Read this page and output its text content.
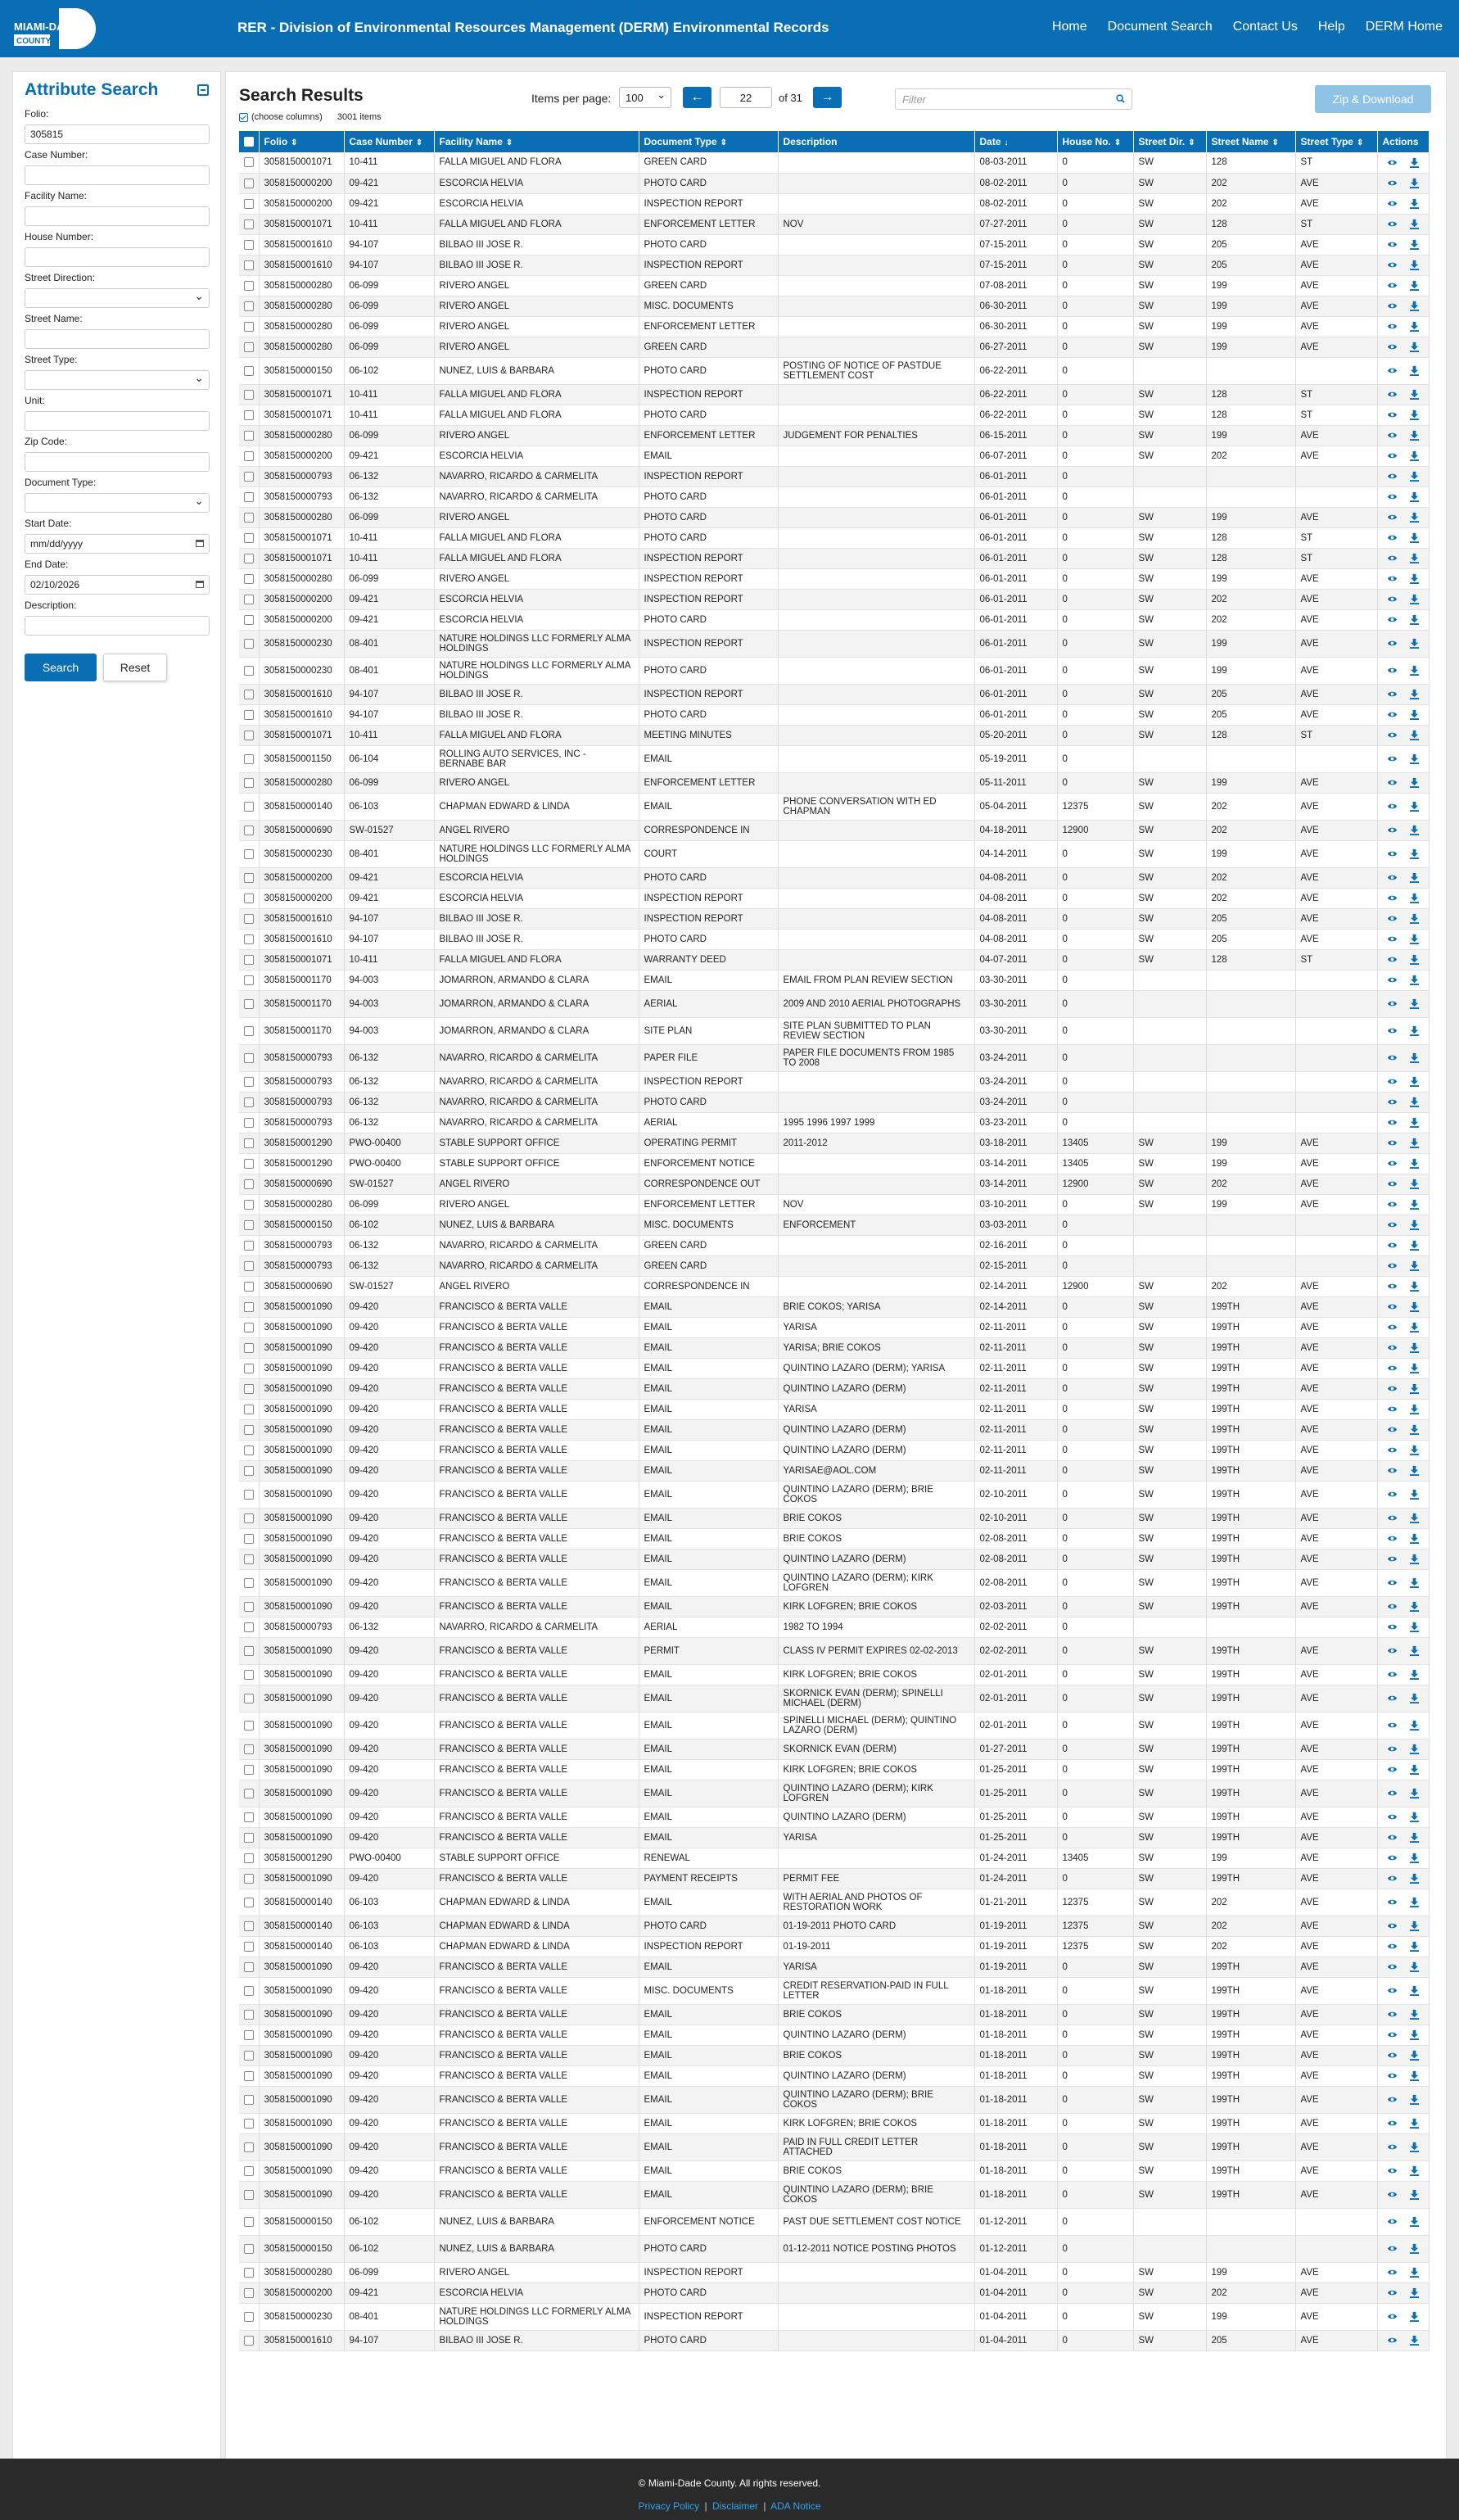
MIAMI-DADE
COUNTY
RER - Division of Environmental Resources Management (DERM) Environmental Records	Home Document Search Contact Us Help DERM Home
Attribute Search
Folio:
305815
Case Number:
Facility Name:
House Number:
Street Direction:
⌄
Street Name:
Street Type:
⌄
Unit:
Zip Code:
Document Type:
⌄
Start Date:
mm/dd/yyyy
End Date:
02/10/2026
Description:
Search	Reset
Search Results
(choose columns) 3001 items
Items per page:	100 ⌄	←	22	of 31	→	Filter	Zip & Download
	Folio ⇕	Case Number ⇕	Facility Name ⇕	Document Type ⇕	Description	Date ↓	House No. ⇕	Street Dir. ⇕	Street Name ⇕	Street Type ⇕	Actions

	3058150001071	10-411	FALLA MIGUEL AND FLORA	GREEN CARD		08-03-2011	0	SW	128	ST	

	3058150000200	09-421	ESCORCIA HELVIA	PHOTO CARD		08-02-2011	0	SW	202	AVE	

	3058150000200	09-421	ESCORCIA HELVIA	INSPECTION REPORT		08-02-2011	0	SW	202	AVE	

	3058150001071	10-411	FALLA MIGUEL AND FLORA	ENFORCEMENT LETTER	NOV	07-27-2011	0	SW	128	ST	

	3058150001610	94-107	BILBAO III JOSE R.	PHOTO CARD		07-15-2011	0	SW	205	AVE	

	3058150001610	94-107	BILBAO III JOSE R.	INSPECTION REPORT		07-15-2011	0	SW	205	AVE	

	3058150000280	06-099	RIVERO ANGEL	GREEN CARD		07-08-2011	0	SW	199	AVE	

	3058150000280	06-099	RIVERO ANGEL	MISC. DOCUMENTS		06-30-2011	0	SW	199	AVE	

	3058150000280	06-099	RIVERO ANGEL	ENFORCEMENT LETTER		06-30-2011	0	SW	199	AVE	

	3058150000280	06-099	RIVERO ANGEL	GREEN CARD		06-27-2011	0	SW	199	AVE	

	3058150000150	06-102	NUNEZ, LUIS & BARBARA	PHOTO CARD	POSTING OF NOTICE OF PASTDUE SETTLEMENT COST	06-22-2011	0				

	3058150001071	10-411	FALLA MIGUEL AND FLORA	INSPECTION REPORT		06-22-2011	0	SW	128	ST	

	3058150001071	10-411	FALLA MIGUEL AND FLORA	PHOTO CARD		06-22-2011	0	SW	128	ST	

	3058150000280	06-099	RIVERO ANGEL	ENFORCEMENT LETTER	JUDGEMENT FOR PENALTIES	06-15-2011	0	SW	199	AVE	

	3058150000200	09-421	ESCORCIA HELVIA	EMAIL		06-07-2011	0	SW	202	AVE	

	3058150000793	06-132	NAVARRO, RICARDO & CARMELITA	INSPECTION REPORT		06-01-2011	0				

	3058150000793	06-132	NAVARRO, RICARDO & CARMELITA	PHOTO CARD		06-01-2011	0				

	3058150000280	06-099	RIVERO ANGEL	PHOTO CARD		06-01-2011	0	SW	199	AVE	

	3058150001071	10-411	FALLA MIGUEL AND FLORA	PHOTO CARD		06-01-2011	0	SW	128	ST	

	3058150001071	10-411	FALLA MIGUEL AND FLORA	INSPECTION REPORT		06-01-2011	0	SW	128	ST	

	3058150000280	06-099	RIVERO ANGEL	INSPECTION REPORT		06-01-2011	0	SW	199	AVE	

	3058150000200	09-421	ESCORCIA HELVIA	INSPECTION REPORT		06-01-2011	0	SW	202	AVE	

	3058150000200	09-421	ESCORCIA HELVIA	PHOTO CARD		06-01-2011	0	SW	202	AVE	

	3058150000230	08-401	NATURE HOLDINGS LLC FORMERLY ALMA HOLDINGS	INSPECTION REPORT		06-01-2011	0	SW	199	AVE	

	3058150000230	08-401	NATURE HOLDINGS LLC FORMERLY ALMA HOLDINGS	PHOTO CARD		06-01-2011	0	SW	199	AVE	

	3058150001610	94-107	BILBAO III JOSE R.	INSPECTION REPORT		06-01-2011	0	SW	205	AVE	

	3058150001610	94-107	BILBAO III JOSE R.	PHOTO CARD		06-01-2011	0	SW	205	AVE	

	3058150001071	10-411	FALLA MIGUEL AND FLORA	MEETING MINUTES		05-20-2011	0	SW	128	ST	

	3058150001150	06-104	ROLLING AUTO SERVICES, INC - BERNABE BAR	EMAIL		05-19-2011	0				

	3058150000280	06-099	RIVERO ANGEL	ENFORCEMENT LETTER		05-11-2011	0	SW	199	AVE	

	3058150000140	06-103	CHAPMAN EDWARD & LINDA	EMAIL	PHONE CONVERSATION WITH ED CHAPMAN	05-04-2011	12375	SW	202	AVE	

	3058150000690	SW-01527	ANGEL RIVERO	CORRESPONDENCE IN		04-18-2011	12900	SW	202	AVE	

	3058150000230	08-401	NATURE HOLDINGS LLC FORMERLY ALMA HOLDINGS	COURT		04-14-2011	0	SW	199	AVE	

	3058150000200	09-421	ESCORCIA HELVIA	PHOTO CARD		04-08-2011	0	SW	202	AVE	

	3058150000200	09-421	ESCORCIA HELVIA	INSPECTION REPORT		04-08-2011	0	SW	202	AVE	

	3058150001610	94-107	BILBAO III JOSE R.	INSPECTION REPORT		04-08-2011	0	SW	205	AVE	

	3058150001610	94-107	BILBAO III JOSE R.	PHOTO CARD		04-08-2011	0	SW	205	AVE	

	3058150001071	10-411	FALLA MIGUEL AND FLORA	WARRANTY DEED		04-07-2011	0	SW	128	ST	

	3058150001170	94-003	JOMARRON, ARMANDO & CLARA	EMAIL	EMAIL FROM PLAN REVIEW SECTION	03-30-2011	0				

	3058150001170	94-003	JOMARRON, ARMANDO & CLARA	AERIAL	2009 AND 2010 AERIAL PHOTOGRAPHS	03-30-2011	0				

	3058150001170	94-003	JOMARRON, ARMANDO & CLARA	SITE PLAN	SITE PLAN SUBMITTED TO PLAN REVIEW SECTION	03-30-2011	0				

	3058150000793	06-132	NAVARRO, RICARDO & CARMELITA	PAPER FILE	PAPER FILE DOCUMENTS FROM 1985 TO 2008	03-24-2011	0				

	3058150000793	06-132	NAVARRO, RICARDO & CARMELITA	INSPECTION REPORT		03-24-2011	0				

	3058150000793	06-132	NAVARRO, RICARDO & CARMELITA	PHOTO CARD		03-24-2011	0				

	3058150000793	06-132	NAVARRO, RICARDO & CARMELITA	AERIAL	1995 1996 1997 1999	03-23-2011	0				

	3058150001290	PWO-00400	STABLE SUPPORT OFFICE	OPERATING PERMIT	2011-2012	03-18-2011	13405	SW	199	AVE	

	3058150001290	PWO-00400	STABLE SUPPORT OFFICE	ENFORCEMENT NOTICE		03-14-2011	13405	SW	199	AVE	

	3058150000690	SW-01527	ANGEL RIVERO	CORRESPONDENCE OUT		03-14-2011	12900	SW	202	AVE	

	3058150000280	06-099	RIVERO ANGEL	ENFORCEMENT LETTER	NOV	03-10-2011	0	SW	199	AVE	

	3058150000150	06-102	NUNEZ, LUIS & BARBARA	MISC. DOCUMENTS	ENFORCEMENT	03-03-2011	0				

	3058150000793	06-132	NAVARRO, RICARDO & CARMELITA	GREEN CARD		02-16-2011	0				

	3058150000793	06-132	NAVARRO, RICARDO & CARMELITA	GREEN CARD		02-15-2011	0				

	3058150000690	SW-01527	ANGEL RIVERO	CORRESPONDENCE IN		02-14-2011	12900	SW	202	AVE	

	3058150001090	09-420	FRANCISCO & BERTA VALLE	EMAIL	BRIE COKOS; YARISA	02-14-2011	0	SW	199TH	AVE	

	3058150001090	09-420	FRANCISCO & BERTA VALLE	EMAIL	YARISA	02-11-2011	0	SW	199TH	AVE	

	3058150001090	09-420	FRANCISCO & BERTA VALLE	EMAIL	YARISA; BRIE COKOS	02-11-2011	0	SW	199TH	AVE	

	3058150001090	09-420	FRANCISCO & BERTA VALLE	EMAIL	QUINTINO LAZARO (DERM); YARISA	02-11-2011	0	SW	199TH	AVE	

	3058150001090	09-420	FRANCISCO & BERTA VALLE	EMAIL	QUINTINO LAZARO (DERM)	02-11-2011	0	SW	199TH	AVE	

	3058150001090	09-420	FRANCISCO & BERTA VALLE	EMAIL	YARISA	02-11-2011	0	SW	199TH	AVE	

	3058150001090	09-420	FRANCISCO & BERTA VALLE	EMAIL	QUINTINO LAZARO (DERM)	02-11-2011	0	SW	199TH	AVE	

	3058150001090	09-420	FRANCISCO & BERTA VALLE	EMAIL	QUINTINO LAZARO (DERM)	02-11-2011	0	SW	199TH	AVE	

	3058150001090	09-420	FRANCISCO & BERTA VALLE	EMAIL	YARISAE@AOL.COM	02-11-2011	0	SW	199TH	AVE	

	3058150001090	09-420	FRANCISCO & BERTA VALLE	EMAIL	QUINTINO LAZARO (DERM); BRIE COKOS	02-10-2011	0	SW	199TH	AVE	

	3058150001090	09-420	FRANCISCO & BERTA VALLE	EMAIL	BRIE COKOS	02-10-2011	0	SW	199TH	AVE	

	3058150001090	09-420	FRANCISCO & BERTA VALLE	EMAIL	BRIE COKOS	02-08-2011	0	SW	199TH	AVE	

	3058150001090	09-420	FRANCISCO & BERTA VALLE	EMAIL	QUINTINO LAZARO (DERM)	02-08-2011	0	SW	199TH	AVE	

	3058150001090	09-420	FRANCISCO & BERTA VALLE	EMAIL	QUINTINO LAZARO (DERM); KIRK LOFGREN	02-08-2011	0	SW	199TH	AVE	

	3058150001090	09-420	FRANCISCO & BERTA VALLE	EMAIL	KIRK LOFGREN; BRIE COKOS	02-03-2011	0	SW	199TH	AVE	

	3058150000793	06-132	NAVARRO, RICARDO & CARMELITA	AERIAL	1982 TO 1994	02-02-2011	0				

	3058150001090	09-420	FRANCISCO & BERTA VALLE	PERMIT	CLASS IV PERMIT EXPIRES 02-02-2013	02-02-2011	0	SW	199TH	AVE	

	3058150001090	09-420	FRANCISCO & BERTA VALLE	EMAIL	KIRK LOFGREN; BRIE COKOS	02-01-2011	0	SW	199TH	AVE	

	3058150001090	09-420	FRANCISCO & BERTA VALLE	EMAIL	SKORNICK EVAN (DERM); SPINELLI MICHAEL (DERM)	02-01-2011	0	SW	199TH	AVE	

	3058150001090	09-420	FRANCISCO & BERTA VALLE	EMAIL	SPINELLI MICHAEL (DERM); QUINTINO LAZARO (DERM)	02-01-2011	0	SW	199TH	AVE	

	3058150001090	09-420	FRANCISCO & BERTA VALLE	EMAIL	SKORNICK EVAN (DERM)	01-27-2011	0	SW	199TH	AVE	

	3058150001090	09-420	FRANCISCO & BERTA VALLE	EMAIL	KIRK LOFGREN; BRIE COKOS	01-25-2011	0	SW	199TH	AVE	

	3058150001090	09-420	FRANCISCO & BERTA VALLE	EMAIL	QUINTINO LAZARO (DERM); KIRK LOFGREN	01-25-2011	0	SW	199TH	AVE	

	3058150001090	09-420	FRANCISCO & BERTA VALLE	EMAIL	QUINTINO LAZARO (DERM)	01-25-2011	0	SW	199TH	AVE	

	3058150001090	09-420	FRANCISCO & BERTA VALLE	EMAIL	YARISA	01-25-2011	0	SW	199TH	AVE	

	3058150001290	PWO-00400	STABLE SUPPORT OFFICE	RENEWAL		01-24-2011	13405	SW	199	AVE	

	3058150001090	09-420	FRANCISCO & BERTA VALLE	PAYMENT RECEIPTS	PERMIT FEE	01-24-2011	0	SW	199TH	AVE	

	3058150000140	06-103	CHAPMAN EDWARD & LINDA	EMAIL	WITH AERIAL AND PHOTOS OF RESTORATION WORK	01-21-2011	12375	SW	202	AVE	

	3058150000140	06-103	CHAPMAN EDWARD & LINDA	PHOTO CARD	01-19-2011 PHOTO CARD	01-19-2011	12375	SW	202	AVE	

	3058150000140	06-103	CHAPMAN EDWARD & LINDA	INSPECTION REPORT	01-19-2011	01-19-2011	12375	SW	202	AVE	

	3058150001090	09-420	FRANCISCO & BERTA VALLE	EMAIL	YARISA	01-19-2011	0	SW	199TH	AVE	

	3058150001090	09-420	FRANCISCO & BERTA VALLE	MISC. DOCUMENTS	CREDIT RESERVATION-PAID IN FULL LETTER	01-18-2011	0	SW	199TH	AVE	

	3058150001090	09-420	FRANCISCO & BERTA VALLE	EMAIL	BRIE COKOS	01-18-2011	0	SW	199TH	AVE	

	3058150001090	09-420	FRANCISCO & BERTA VALLE	EMAIL	QUINTINO LAZARO (DERM)	01-18-2011	0	SW	199TH	AVE	

	3058150001090	09-420	FRANCISCO & BERTA VALLE	EMAIL	BRIE COKOS	01-18-2011	0	SW	199TH	AVE	

	3058150001090	09-420	FRANCISCO & BERTA VALLE	EMAIL	QUINTINO LAZARO (DERM)	01-18-2011	0	SW	199TH	AVE	

	3058150001090	09-420	FRANCISCO & BERTA VALLE	EMAIL	QUINTINO LAZARO (DERM); BRIE COKOS	01-18-2011	0	SW	199TH	AVE	

	3058150001090	09-420	FRANCISCO & BERTA VALLE	EMAIL	KIRK LOFGREN; BRIE COKOS	01-18-2011	0	SW	199TH	AVE	

	3058150001090	09-420	FRANCISCO & BERTA VALLE	EMAIL	PAID IN FULL CREDIT LETTER ATTACHED	01-18-2011	0	SW	199TH	AVE	

	3058150001090	09-420	FRANCISCO & BERTA VALLE	EMAIL	BRIE COKOS	01-18-2011	0	SW	199TH	AVE	

	3058150001090	09-420	FRANCISCO & BERTA VALLE	EMAIL	QUINTINO LAZARO (DERM); BRIE COKOS	01-18-2011	0	SW	199TH	AVE	

	3058150000150	06-102	NUNEZ, LUIS & BARBARA	ENFORCEMENT NOTICE	PAST DUE SETTLEMENT COST NOTICE	01-12-2011	0				

	3058150000150	06-102	NUNEZ, LUIS & BARBARA	PHOTO CARD	01-12-2011 NOTICE POSTING PHOTOS	01-12-2011	0				

	3058150000280	06-099	RIVERO ANGEL	INSPECTION REPORT		01-04-2011	0	SW	199	AVE	

	3058150000200	09-421	ESCORCIA HELVIA	PHOTO CARD		01-04-2011	0	SW	202	AVE	

	3058150000230	08-401	NATURE HOLDINGS LLC FORMERLY ALMA HOLDINGS	INSPECTION REPORT		01-04-2011	0	SW	199	AVE	

	3058150001610	94-107	BILBAO III JOSE R.	PHOTO CARD		01-04-2011	0	SW	205	AVE	
© Miami-Dade County. All rights reserved.
Privacy Policy | Disclaimer | ADA Notice
